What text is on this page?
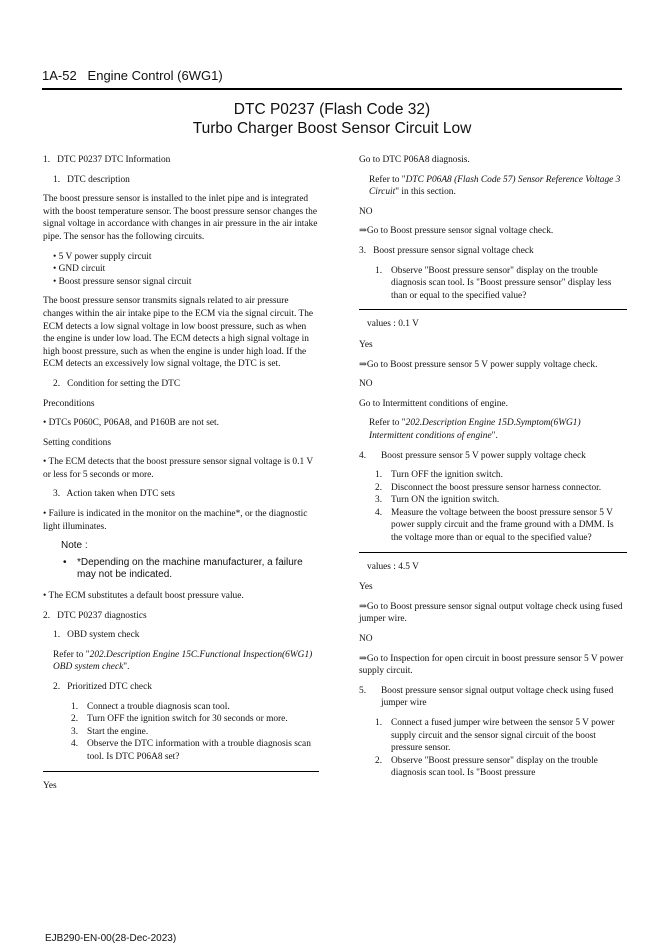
1A-52 Engine Control (6WG1)
DTC P0237 (Flash Code 32)
Turbo Charger Boost Sensor Circuit Low
1. DTC P0237 DTC Information
1. DTC description
The boost pressure sensor is installed to the inlet pipe and is integrated with the boost temperature sensor. The boost pressure sensor changes the signal voltage in accordance with changes in air pressure in the air intake pipe. The sensor has the following circuits.
• 5 V power supply circuit
• GND circuit
• Boost pressure sensor signal circuit
The boost pressure sensor transmits signals related to air pressure changes within the air intake pipe to the ECM via the signal circuit. The ECM detects a low signal voltage in low boost pressure, such as when the engine is under low load. The ECM detects a high signal voltage in high boost pressure, such as when the engine is under high load. If the ECM detects an excessively low signal voltage, the DTC is set.
2. Condition for setting the DTC
Preconditions
• DTCs P060C, P06A8, and P160B are not set.
Setting conditions
• The ECM detects that the boost pressure sensor signal voltage is 0.1 V or less for 5 seconds or more.
3. Action taken when DTC sets
• Failure is indicated in the monitor on the machine*, or the diagnostic light illuminates.
Note :
•	*Depending on the machine manufacturer, a failure may not be indicated.
• The ECM substitutes a default boost pressure value.
2. DTC P0237 diagnostics
1. OBD system check
Refer to "202.Description Engine 15C.Functional Inspection(6WG1) OBD system check".
2. Prioritized DTC check
1. Connect a trouble diagnosis scan tool.
2. Turn OFF the ignition switch for 30 seconds or more.
3. Start the engine.
4. Observe the DTC information with a trouble diagnosis scan tool. Is DTC P06A8 set?
Yes
Go to DTC P06A8 diagnosis.
Refer to "DTC P06A8 (Flash Code 57) Sensor Reference Voltage 3 Circuit" in this section.
NO
⇒Go to Boost pressure sensor signal voltage check.
3. Boost pressure sensor signal voltage check
1. Observe "Boost pressure sensor" display on the trouble diagnosis scan tool. Is "Boost pressure sensor" display less than or equal to the specified value?
values : 0.1 V
Yes
⇒Go to Boost pressure sensor 5 V power supply voltage check.
NO
Go to Intermittent conditions of engine.
Refer to "202.Description Engine 15D.Symptom(6WG1) Intermittent conditions of engine".
4.	Boost pressure sensor 5 V power supply voltage check
1. Turn OFF the ignition switch.
2. Disconnect the boost pressure sensor harness connector.
3. Turn ON the ignition switch.
4. Measure the voltage between the boost pressure sensor 5 V power supply circuit and the frame ground with a DMM. Is the voltage more than or equal to the specified value?
values : 4.5 V
Yes
⇒Go to Boost pressure sensor signal output voltage check using fused jumper wire.
NO
⇒Go to Inspection for open circuit in boost pressure sensor 5 V power supply circuit.
5.	Boost pressure sensor signal output voltage check using fused jumper wire
1. Connect a fused jumper wire between the sensor 5 V power supply circuit and the sensor signal circuit of the boost pressure sensor.
2. Observe "Boost pressure sensor" display on the trouble diagnosis scan tool. Is "Boost pressure
EJB290-EN-00(28-Dec-2023)
